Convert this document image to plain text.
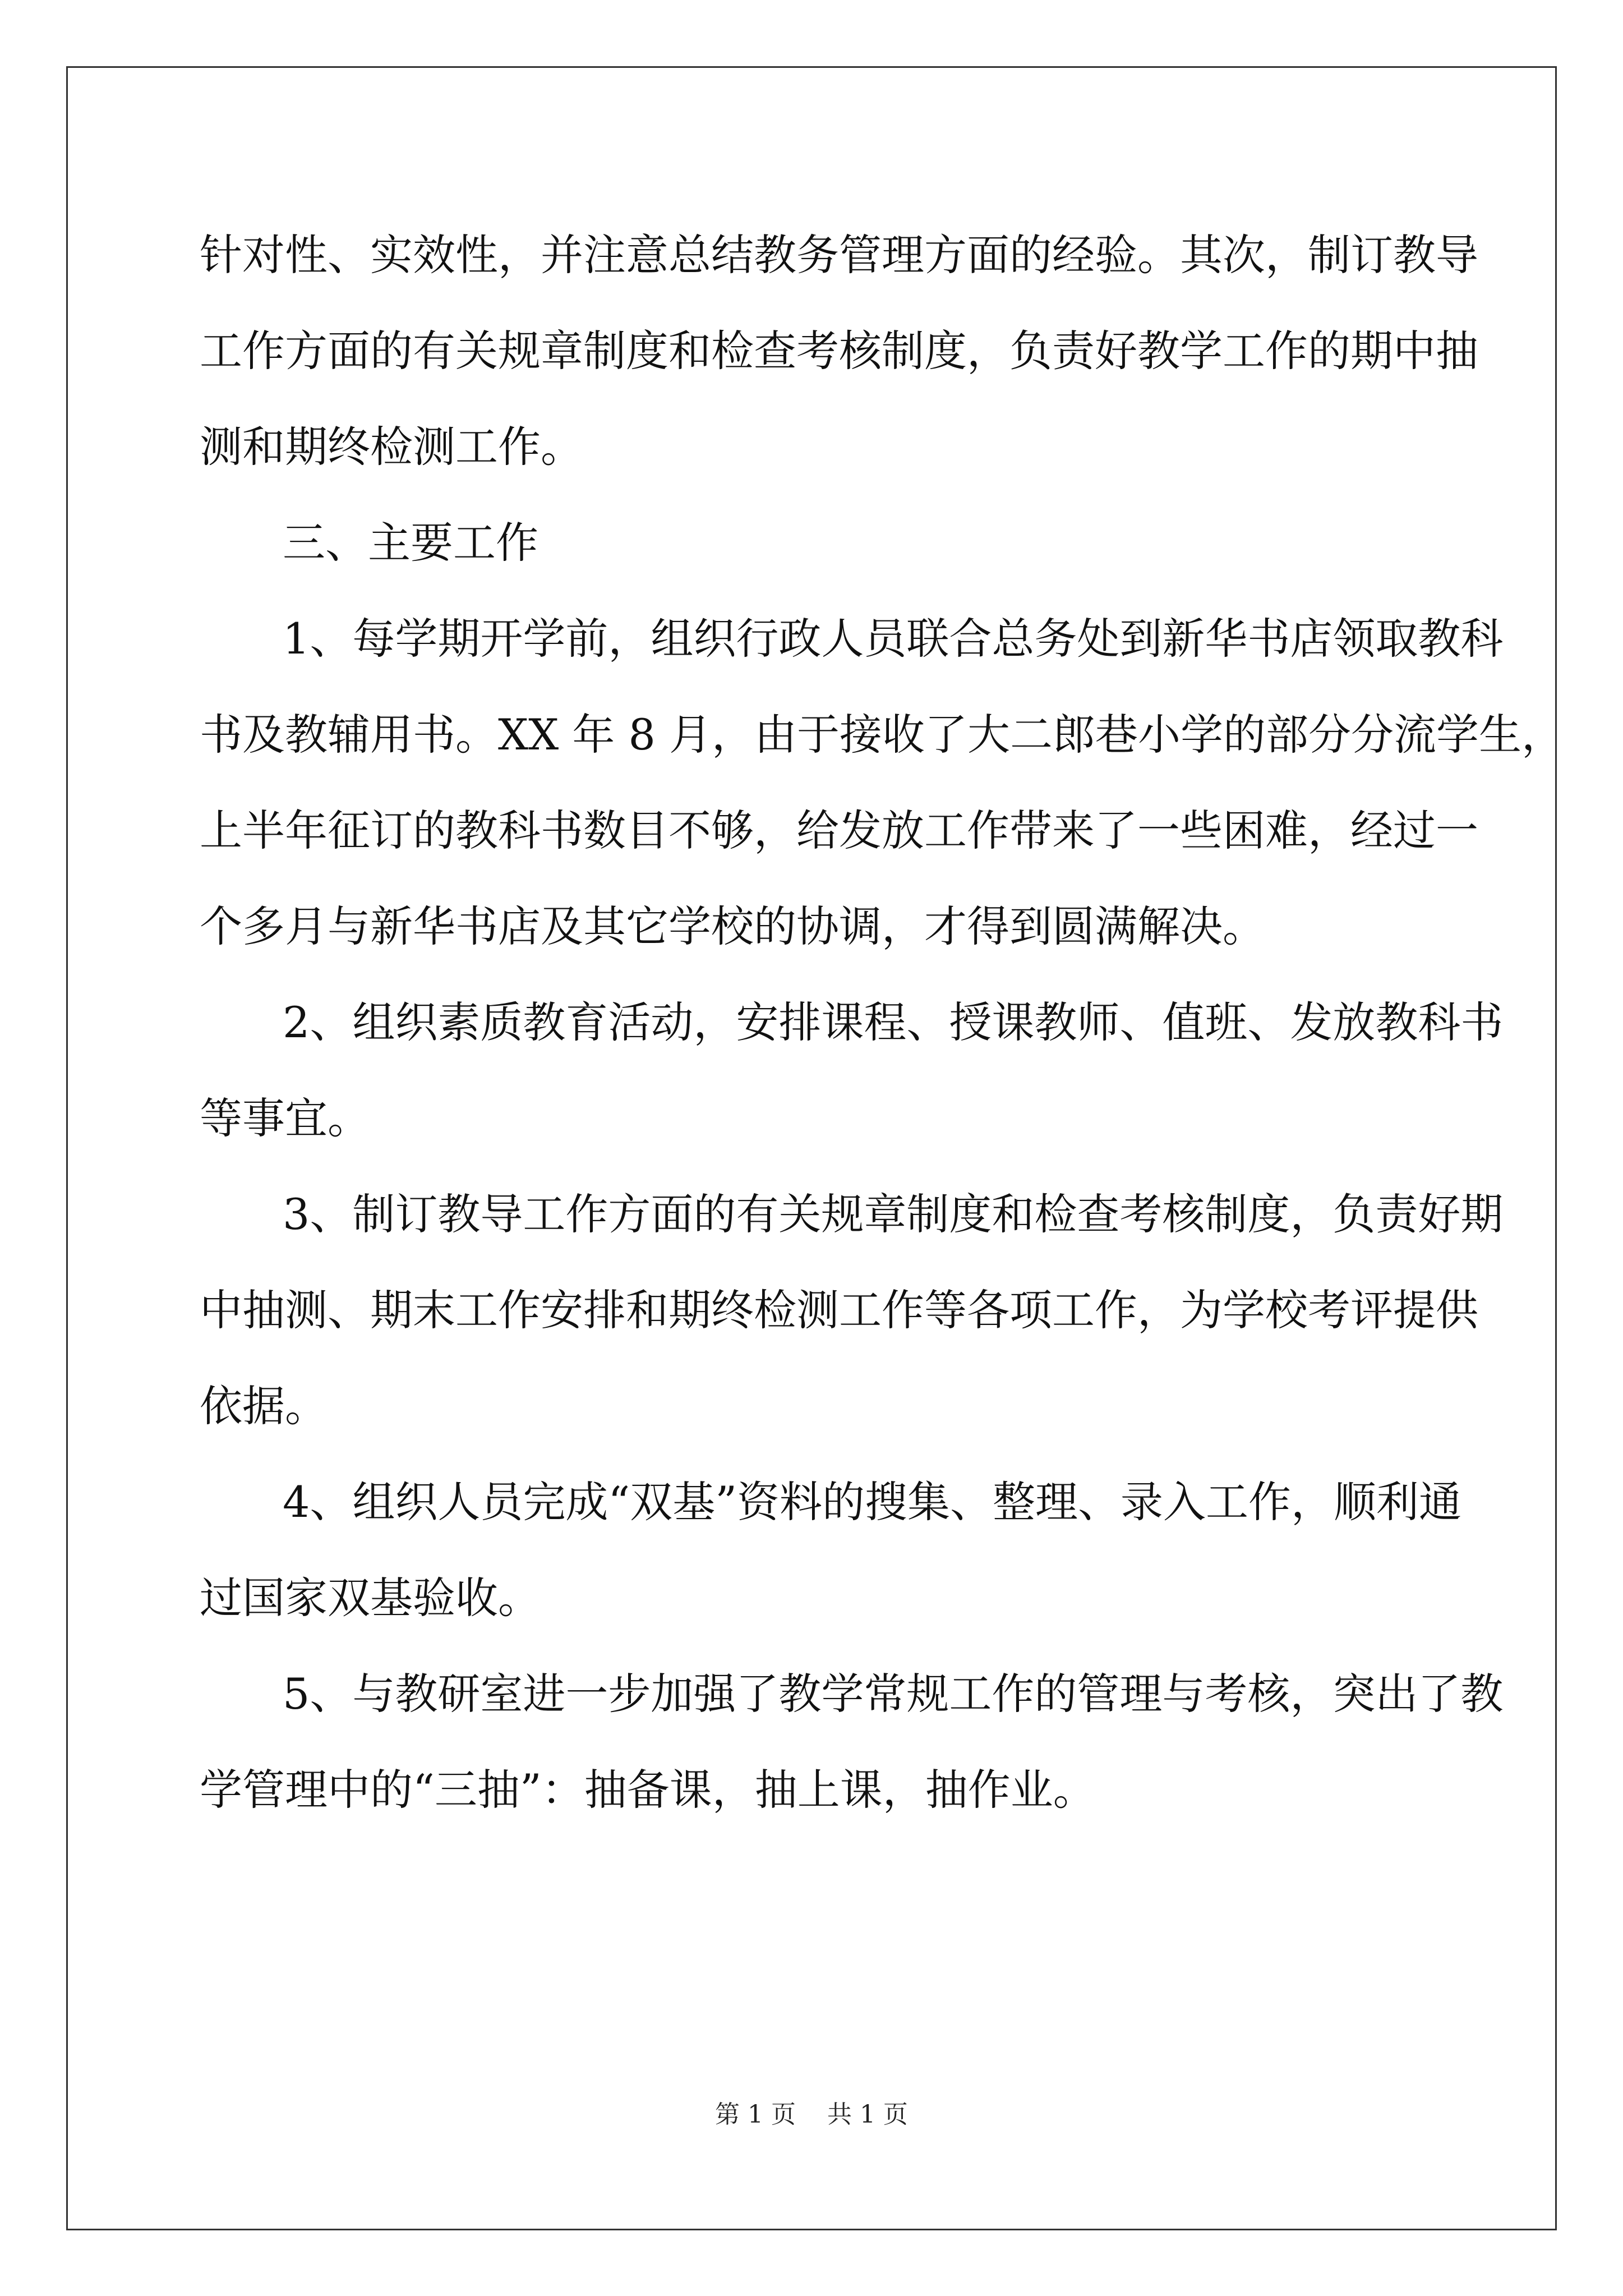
针对性、实效性，并注意总结教务管理方面的经验。其次，制订教导
工作方面的有关规章制度和检查考核制度，负责好教学工作的期中抽
测和期终检测工作。
三、主要工作
1、每学期开学前，组织行政人员联合总务处到新华书店领取教科
书及教辅用书。XX 年 8 月，由于接收了大二郎巷小学的部分分流学生，
上半年征订的教科书数目不够，给发放工作带来了一些困难，经过一
个多月与新华书店及其它学校的协调，才得到圆满解决。
2、组织素质教育活动，安排课程、授课教师、值班、发放教科书
等事宜。
3、制订教导工作方面的有关规章制度和检查考核制度，负责好期
中抽测、期末工作安排和期终检测工作等各项工作，为学校考评提供
依据。
4、组织人员完成“双基”资料的搜集、整理、录入工作，顺利通
过国家双基验收。
5、与教研室进一步加强了教学常规工作的管理与考核，突出了教
学管理中的“三抽”：抽备课，抽上课，抽作业。
第 1 页 共 1 页
